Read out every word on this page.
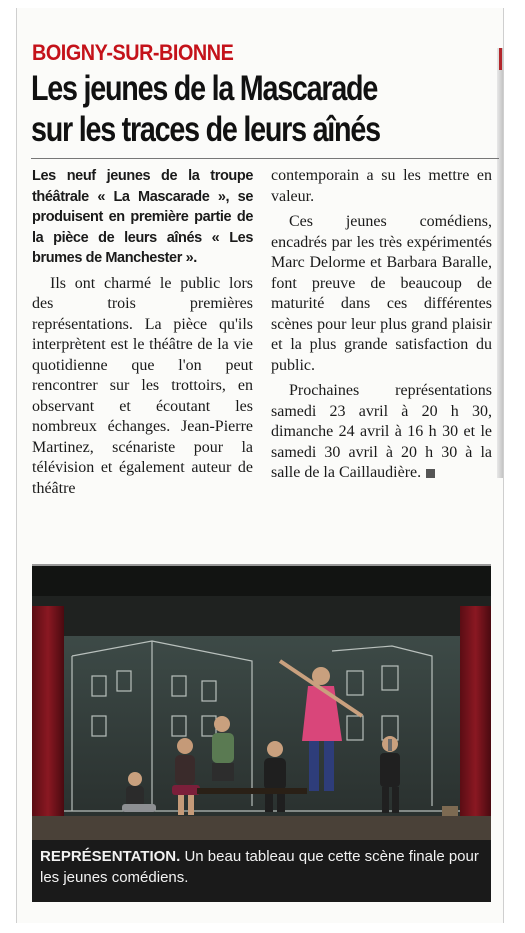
BOIGNY-SUR-BIONNE
Les jeunes de la Mascarade
sur les traces de leurs aînés

Les neuf jeunes de la troupe théâtrale « La Mascarade », se produisent en première partie de la pièce de leurs aînés « Les brumes de Manchester ».

Ils ont charmé le public lors des trois premières représentations. La pièce qu'ils interprètent est le théâtre de la vie quotidienne que l'on peut rencontrer sur les trottoirs, en observant et écoutant les nombreux échanges. Jean-Pierre Martinez, scénariste pour la télévision et également auteur de théâtre

contemporain a su les mettre en valeur.

Ces jeunes comédiens, encadrés par les très expérimentés Marc Delorme et Barbara Baralle, font preuve de beaucoup de maturité dans ces différentes scènes pour leur plus grand plaisir et la plus grande satisfaction du public.

Prochaines représentations samedi 23 avril à 20 h 30, dimanche 24 avril à 16 h 30 et le samedi 30 avril à 20 h 30 à la salle de la Caillaudière.

REPRÉSENTATION. Un beau tableau que cette scène finale pour les jeunes comédiens.
